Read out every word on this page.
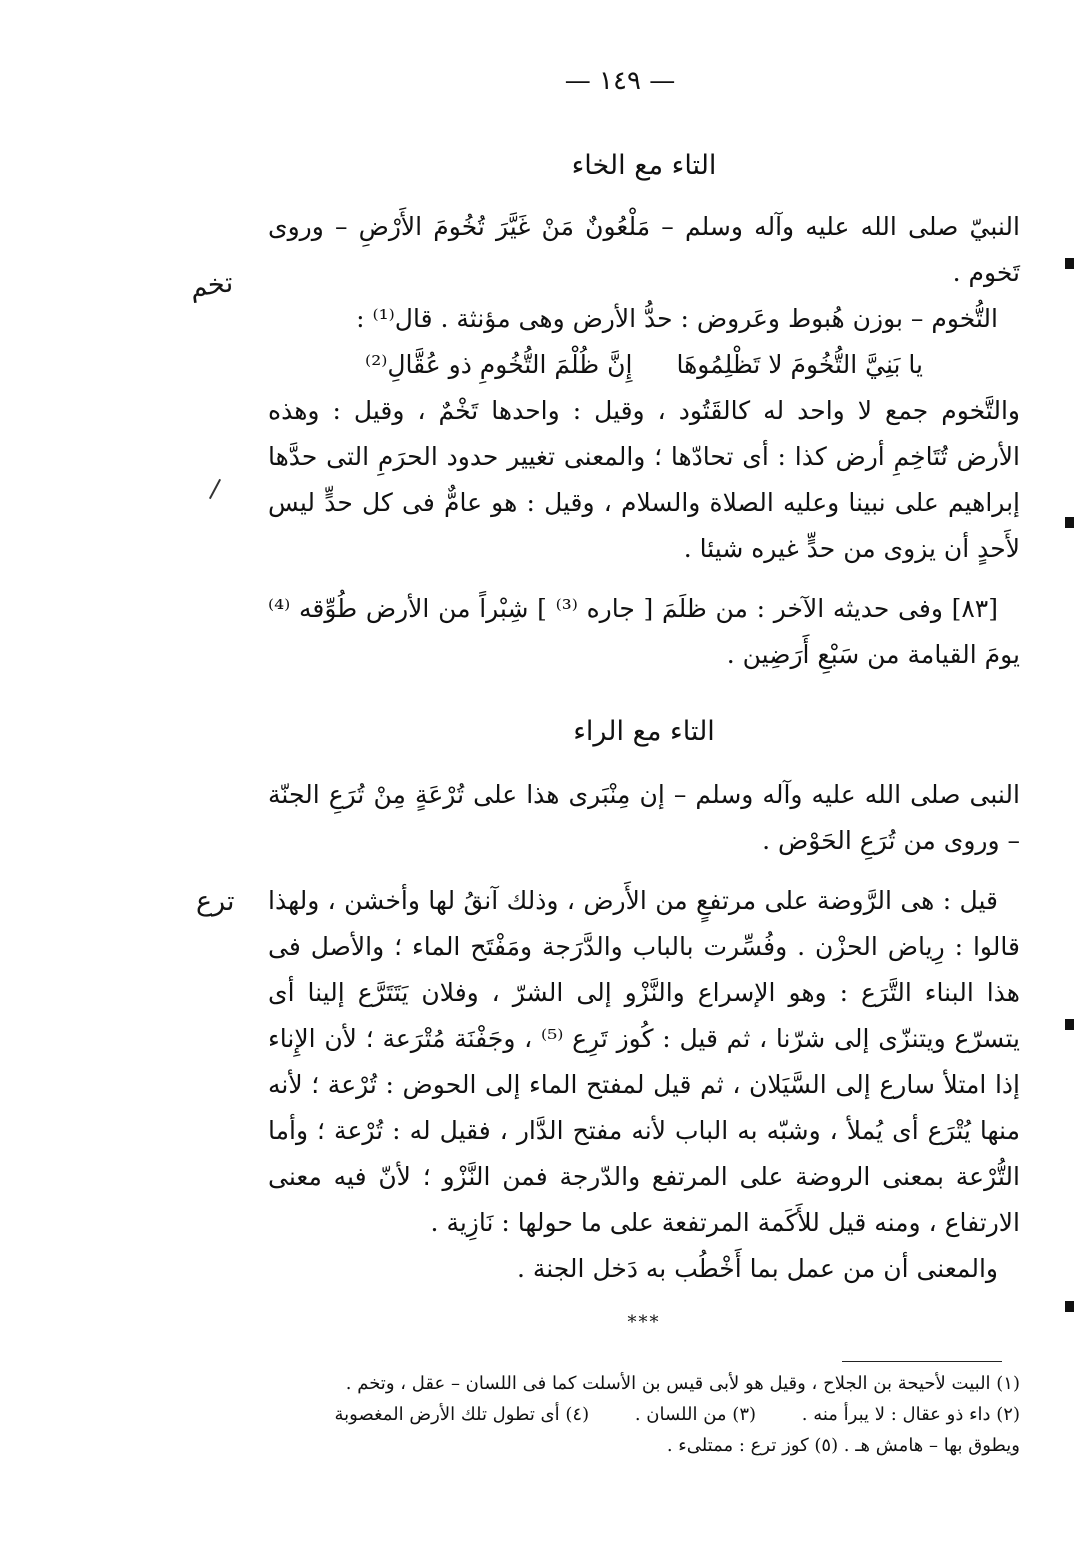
— ١٤٩ —
تخم
ترع
التاء مع الخاء

النبيّ صلى الله عليه وآله وسلم – مَلْعُونٌ مَنْ غَيَّرَ تُخُومَ الأَرْضِ – وروى تَخوم .

التُّخوم – بوزن هُبوط وعَروض : حدُّ الأرض وهى مؤنثة . قال⁽¹⁾ :

يا بَنِيَّ التُّخُومَ لا تَظْلِمُوهَا
إِنَّ ظُلْمَ التُّخُومِ ذو عُقَّالِ⁽²⁾

والتَّخوم جمع لا واحد له كالقَتُود ، وقيل : واحدها تَخْمٌ ، وقيل : وهذه الأرض تُتَاخِمِ أرض كذا : أى تحادّها ؛ والمعنى تغيير حدود الحرَمِ التى حدَّها إبراهيم على نبينا وعليه الصلاة والسلام ، وقيل : هو عامٌّ فى كل حدٍّ ليس لأَحدٍ أن يزوى من حدٍّ غيره شيئا .

[٨٣] وفى حديثه الآخر : من ظلَمَ [ جاره ⁽³⁾ ] شِبْراً من الأرض طُوِّقه ⁽⁴⁾ يومَ القيامة من سَبْعِ أَرَضِين .

التاء مع الراء

النبى صلى الله عليه وآله وسلم – إن مِنْبَرى هذا على تُرْعَةٍ مِنْ تُرَعِ الجنّة – وروى من تُرَعِ الحَوْض .

قيل : هى الرَّوضة على مرتفعٍ من الأَرض ، وذلك آنقُ لها وأخشن ، ولهذا قالوا : رِياض الحزْن . وفُسِّرت بالباب والدَّرَجة ومَفْتَح الماء ؛ والأصل فى هذا البناء التَّرَع : وهو الإسراع والنَّزْو إلى الشرّ ، وفلان يَتَتَرَّع إلينا أى يتسرّع ويتنزّى إلى شرّنا ، ثم قيل : كُوز تَرِع ⁽⁵⁾ ، وجَفْنَة مُتْرَعة ؛ لأن الإِناء إذا امتلأ سارع إلى السَّيَلان ، ثم قيل لمفتح الماء إلى الحوض : تُرْعة ؛ لأنه منها يُتْرَع أى يُملأ ، وشبّه به الباب لأنه مفتح الدَّار ، فقيل له : تُرْعة ؛ وأما التُّرْعة بمعنى الروضة على المرتفع والدّرجة فمن النَّزْو ؛ لأنّ فيه معنى الارتفاع ، ومنه قيل للأَكَمة المرتفعة على ما حولها : نَازِية .

والمعنى أن من عمل بما أَخْطُب به دَخل الجنة .

***

(١) البيت لأحيحة بن الجلاح ، وقيل هو لأبى قيس بن الأسلت كما فى اللسان – عقل ، وتخم .

(٢) داء ذو عقال : لا يبرأ منه . (٣) من اللسان . (٤) أى تطول تلك الأرض المغصوبة

ويطوق بها – هامش هـ . (٥) كوز ترع : ممتلىء .
